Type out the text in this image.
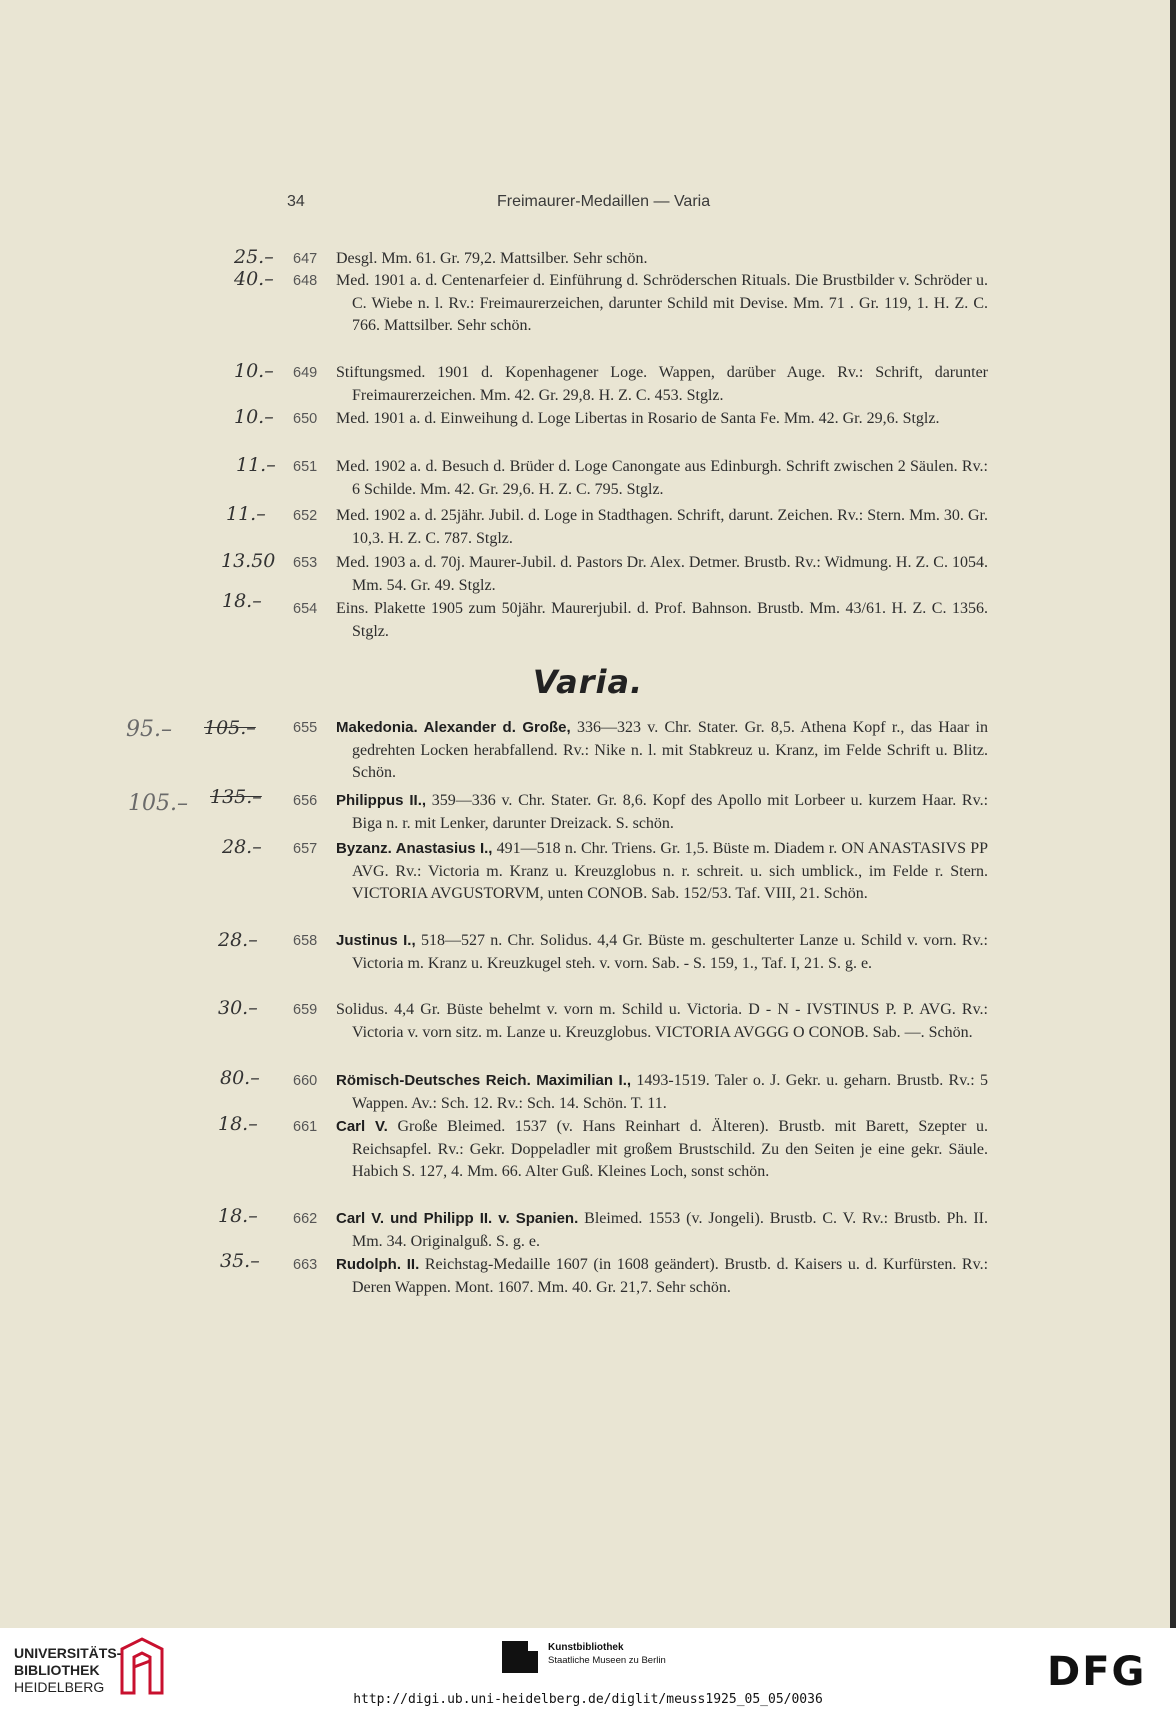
34	Freimaurer-Medaillen — Varia
25.– 647 Desgl. Mm. 61. Gr. 79,2. Mattsilber. Sehr schön.
40.– 648 Med. 1901 a. d. Centenarfeier d. Einführung d. Schröderschen Rituals. Die Brustbilder v. Schröder u. C. Wiebe n. l. Rv.: Freimaurerzeichen, darunter Schild mit Devise. Mm. 71 . Gr. 119, 1. H. Z. C. 766. Mattsilber. Sehr schön.
10.– 649 Stiftungsmed. 1901 d. Kopenhagener Loge. Wappen, darüber Auge. Rv.: Schrift, darunter Freimaurerzeichen. Mm. 42. Gr. 29,8. H. Z. C. 453. Stglz.
10.– 650 Med. 1901 a. d. Einweihung d. Loge Libertas in Rosario de Santa Fe. Mm. 42. Gr. 29,6. Stglz.
11.– 651 Med. 1902 a. d. Besuch d. Brüder d. Loge Canongate aus Edinburgh. Schrift zwischen 2 Säulen. Rv.: 6 Schilde. Mm. 42. Gr. 29,6. H. Z. C. 795. Stglz.
11.– 652 Med. 1902 a. d. 25jähr. Jubil. d. Loge in Stadthagen. Schrift, darunt. Zeichen. Rv.: Stern. Mm. 30. Gr. 10,3. H. Z. C. 787. Stglz.
13.50 653 Med. 1903 a. d. 70j. Maurer-Jubil. d. Pastors Dr. Alex. Detmer. Brustb. Rv.: Widmung. H. Z. C. 1054. Mm. 54. Gr. 49. Stglz.
18.– 654 Eins. Plakette 1905 zum 50jähr. Maurerjubil. d. Prof. Bahnson. Brustb. Mm. 43/61. H. Z. C. 1356. Stglz.
Varia.
95.– 105.–	655 Makedonia. Alexander d. Große, 336—323 v. Chr. Stater. Gr. 8,5. Athena Kopf r., das Haar in gedrehten Locken herabfallend. Rv.: Nike n. l. mit Stabkreuz u. Kranz, im Felde Schrift u. Blitz. Schön.
105.– 135.– 656 Philippus II., 359—336 v. Chr. Stater. Gr. 8,6. Kopf des Apollo mit Lorbeer u. kurzem Haar. Rv.: Biga n. r. mit Lenker, darunter Dreizack. S. schön.
28.– 657 Byzanz. Anastasius I., 491—518 n. Chr. Triens. Gr. 1,5. Büste m. Diadem r. ON ANASTASIVS PP AVG. Rv.: Victoria m. Kranz u. Kreuzglobus n. r. schreit. u. sich umblick., im Felde r. Stern. VICTORIA AVGUSTORVM, unten CONOB. Sab. 152/53. Taf. VIII, 21. Schön.
28.– 658 Justinus I., 518—527 n. Chr. Solidus. 4,4 Gr. Büste m. geschulterter Lanze u. Schild v. vorn. Rv.: Victoria m. Kranz u. Kreuzkugel steh. v. vorn. Sab. - S. 159, 1., Taf. I, 21. S. g. e.
30.– 659 Solidus. 4,4 Gr. Büste behelmt v. vorn m. Schild u. Victoria. D - N - IVSTINUS P. P. AVG. Rv.: Victoria v. vorn sitz. m. Lanze u. Kreuzglobus. VICTORIA AVGGG O CONOB. Sab. —. Schön.
80.– 660 Römisch-Deutsches Reich. Maximilian I., 1493-1519. Taler o. J. Gekr. u. geharn. Brustb. Rv.: 5 Wappen. Av.: Sch. 12. Rv.: Sch. 14. Schön. T. 11.
18.– 661 Carl V. Große Bleimed. 1537 (v. Hans Reinhart d. Älteren). Brustb. mit Barett, Szepter u. Reichsapfel. Rv.: Gekr. Doppeladler mit großem Brustschild. Zu den Seiten je eine gekr. Säule. Habich S. 127, 4. Mm. 66. Alter Guß. Kleines Loch, sonst schön.
18.– 662 Carl V. und Philipp II. v. Spanien. Bleimed. 1553 (v. Jongeli). Brustb. C. V. Rv.: Brustb. Ph. II. Mm. 34. Originalguß. S. g. e.
35.– 663 Rudolph. II. Reichstag-Medaille 1607 (in 1608 geändert). Brustb. d. Kaisers u. d. Kurfürsten. Rv.: Deren Wappen. Mont. 1607. Mm. 40. Gr. 21,7. Sehr schön.
UNIVERSITÄTS-
BIBLIOTHEK
HEIDELBERG
Kunstbibliothek
Staatliche Museen zu Berlin	DFG
http://digi.ub.uni-heidelberg.de/diglit/meuss1925_05_05/0036
